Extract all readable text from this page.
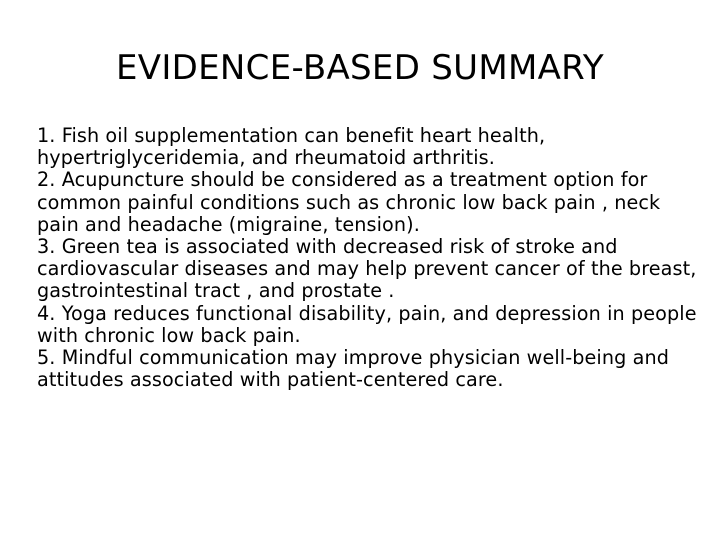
EVIDENCE-BASED SUMMARY

1. Fish oil supplementation can benefit heart health, hypertriglyceridemia, and rheumatoid arthritis.

2. Acupuncture should be considered as a treatment option for common painful conditions such as chronic low back pain , neck pain and headache (migraine, tension).

3. Green tea is associated with decreased risk of stroke and cardiovascular diseases and may help prevent cancer of the breast, gastrointestinal tract , and prostate .

4. Yoga reduces functional disability, pain, and depression in people with chronic low back pain.

5. Mindful communication may improve physician well-being and attitudes associated with patient-centered care.
